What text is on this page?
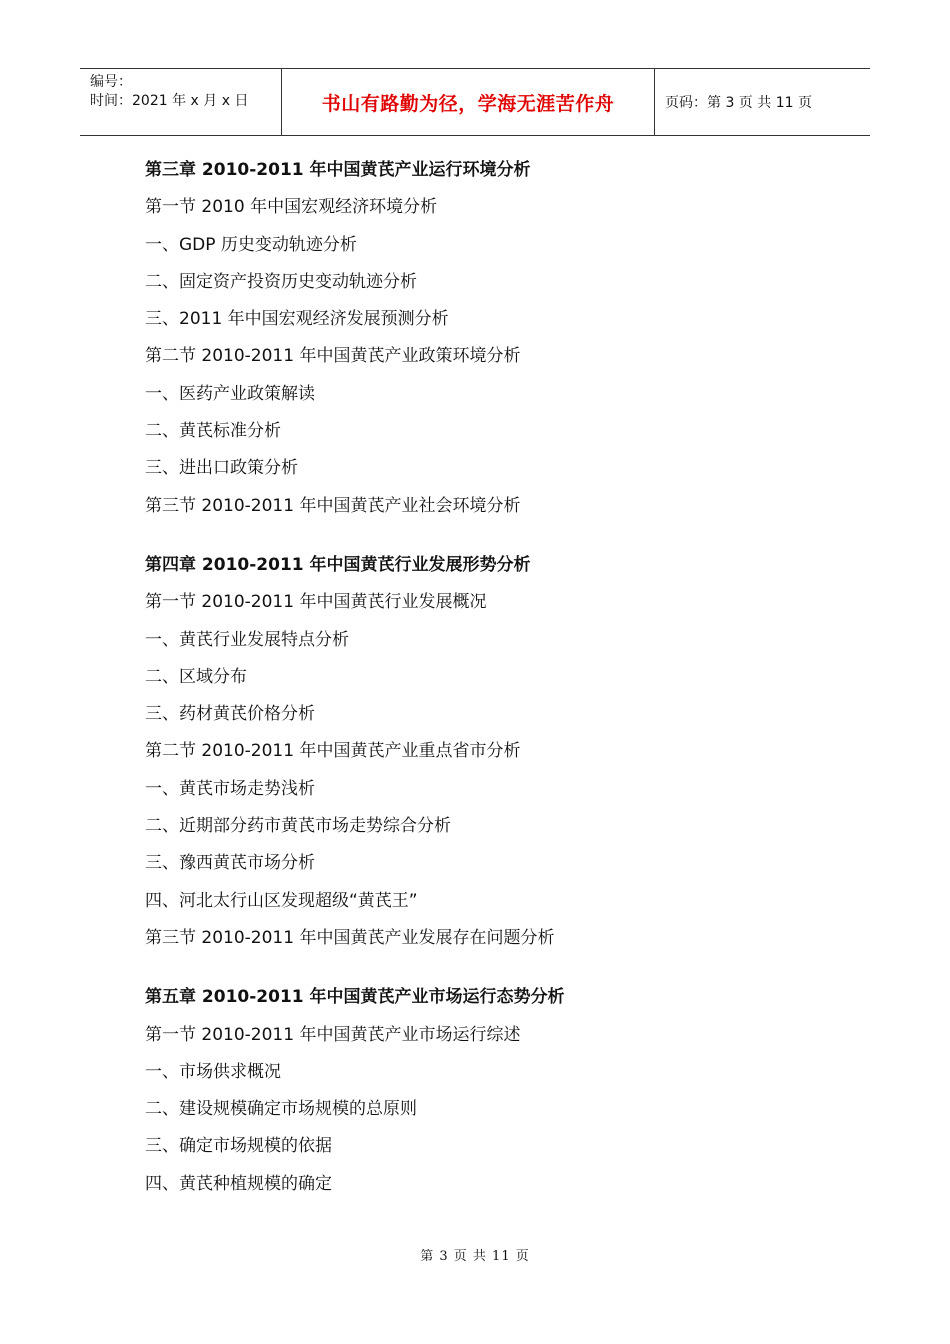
编号：
时间：2021 年 x 月 x 日	书山有路勤为径，学海无涯苦作舟	页码：第 3 页 共 11 页
第三章 2010-2011 年中国黄芪产业运行环境分析
第一节 2010 年中国宏观经济环境分析
一、GDP 历史变动轨迹分析
二、固定资产投资历史变动轨迹分析
三、2011 年中国宏观经济发展预测分析
第二节 2010-2011 年中国黄芪产业政策环境分析
一、医药产业政策解读
二、黄芪标准分析
三、进出口政策分析
第三节 2010-2011 年中国黄芪产业社会环境分析
第四章 2010-2011 年中国黄芪行业发展形势分析
第一节 2010-2011 年中国黄芪行业发展概况
一、黄芪行业发展特点分析
二、区域分布
三、药材黄芪价格分析
第二节 2010-2011 年中国黄芪产业重点省市分析
一、黄芪市场走势浅析
二、近期部分药市黄芪市场走势综合分析
三、豫西黄芪市场分析
四、河北太行山区发现超级“黄芪王”
第三节 2010-2011 年中国黄芪产业发展存在问题分析
第五章 2010-2011 年中国黄芪产业市场运行态势分析
第一节 2010-2011 年中国黄芪产业市场运行综述
一、市场供求概况
二、建设规模确定市场规模的总原则
三、确定市场规模的依据
四、黄芪种植规模的确定
第 3 页 共 11 页
